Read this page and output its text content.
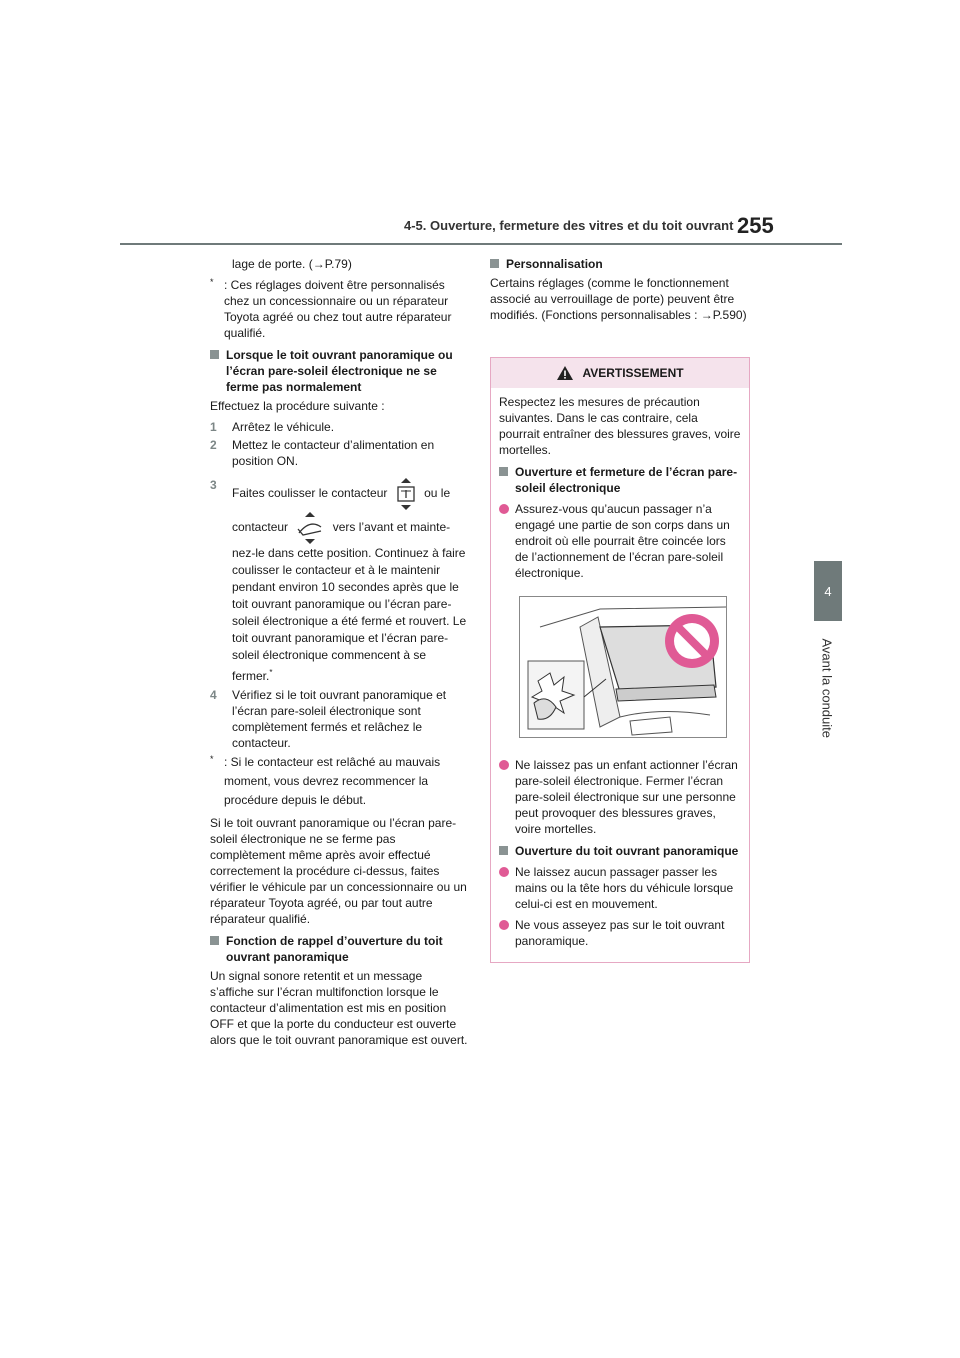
4-5. Ouverture, fermeture des vitres et du toit ouvrant 255
4
Avant la conduite

lage de porte. (→P.79)

* : Ces réglages doivent être personnalisés chez un concessionnaire ou un réparateur Toyota agréé ou chez tout autre réparateur qualifié.

Lorsque le toit ouvrant panoramique ou l’écran pare-soleil électronique ne se ferme pas normalement

Effectuez la procédure suivante :

1 Arrêtez le véhicule.
2 Mettez le contacteur d’alimentation en position ON.
3
Faites coulisser le contacteur	ou le
contacteur	vers l’avant et mainte-
nez-le dans cette position. Continuez à faire coulisser le contacteur et à le maintenir pendant environ 10 secondes après que le toit ouvrant panoramique ou l’écran pare-soleil électronique a été fermé et rouvert. Le toit ouvrant panoramique et l’écran pare-soleil électronique commencent à se fermer.*
4 Vérifiez si le toit ouvrant panoramique et l’écran pare-soleil électronique sont complètement fermés et relâchez le contacteur.

* : Si le contacteur est relâché au mauvais moment, vous devrez recommencer la procédure depuis le début.

Si le toit ouvrant panoramique ou l’écran pare-soleil électronique ne se ferme pas complètement même après avoir effectué correctement la procédure ci-dessus, faites vérifier le véhicule par un concessionnaire ou un réparateur Toyota agréé, ou par tout autre réparateur qualifié.

Fonction de rappel d’ouverture du toit ouvrant panoramique

Un signal sonore retentit et un message s’affiche sur l’écran multifonction lorsque le contacteur d’alimentation est mis en position OFF et que la porte du conducteur est ouverte alors que le toit ouvrant panoramique est ouvert.

Personnalisation

Certains réglages (comme le fonctionnement associé au verrouillage de porte) peuvent être modifiés. (Fonctions personnalisables : →P.590)

AVERTISSEMENT

Respectez les mesures de précaution suivantes. Dans le cas contraire, cela pourrait entraîner des blessures graves, voire mortelles.

Ouverture et fermeture de l’écran pare-soleil électronique
Assurez-vous qu’aucun passager n’a engagé une partie de son corps dans un endroit où elle pourrait être coincée lors de l’actionnement de l’écran pare-soleil électronique.
Ne laissez pas un enfant actionner l’écran pare-soleil électronique. Fermer l’écran pare-soleil électronique sur une personne peut provoquer des blessures graves, voire mortelles.
Ouverture du toit ouvrant panoramique
Ne laissez aucun passager passer les mains ou la tête hors du véhicule lorsque celui-ci est en mouvement.
Ne vous asseyez pas sur le toit ouvrant panoramique.
